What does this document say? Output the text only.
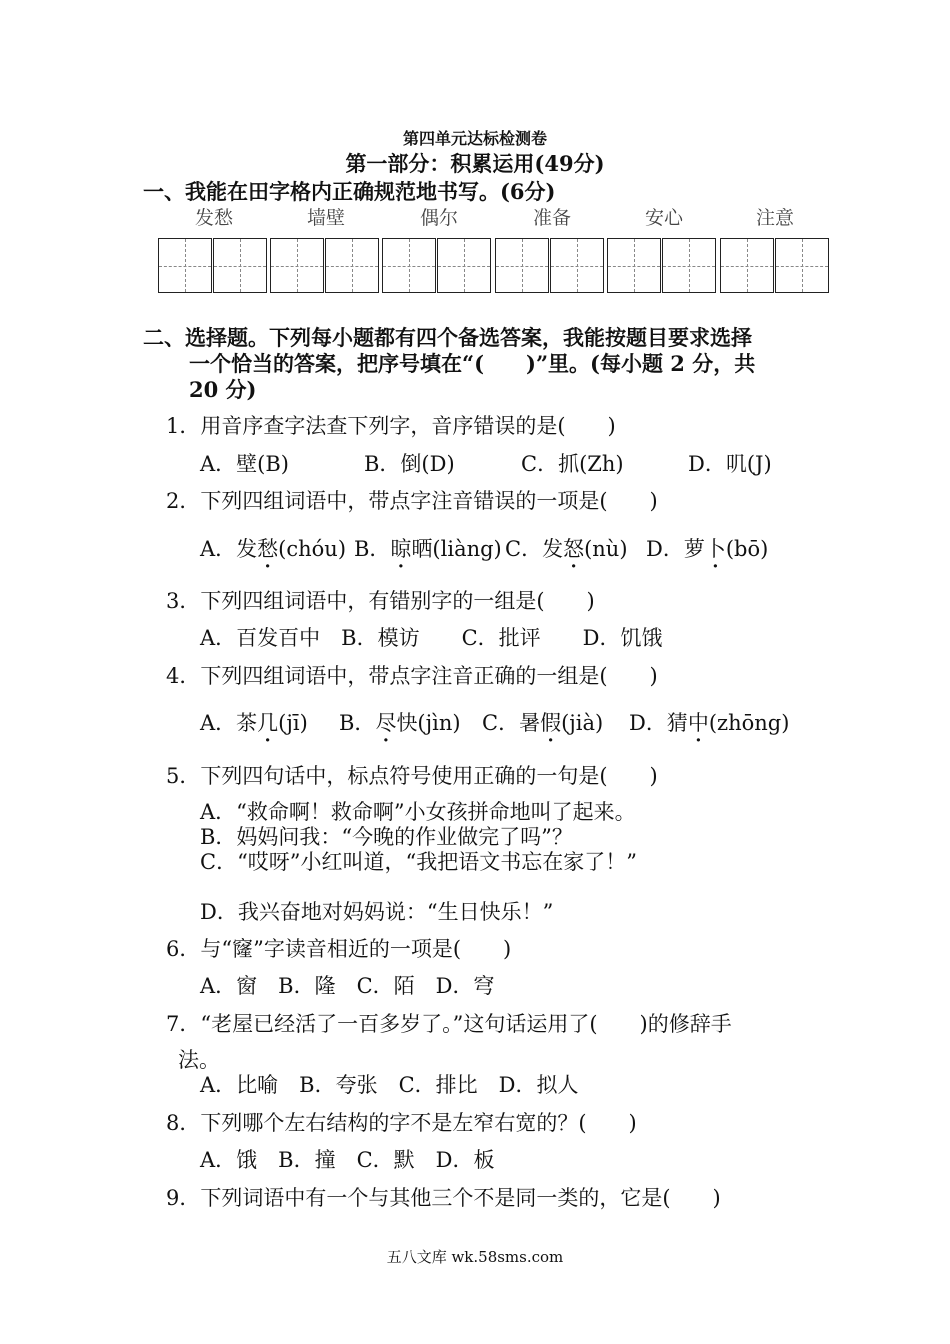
第四单元达标检测卷
第一部分：积累运用(49分)
一、我能在田字格内正确规范地书写。(6分)
发愁	墙壁	偶尔	准备	安心	注意
二、选择题。下列每小题都有四个备选答案，我能按题目要求选择
一个恰当的答案，把序号填在“(　　)”里。(每小题 2 分，共
20 分)
1．用音序查字法查下列字，音序错误的是(　　)
A．壁(B)	B．倒(D)	C．抓(Zh)	D．叽(J)
2．下列四组词语中，带点字注音错误的一项是(　　)
A．发愁(chóu) B．晾晒(liàng) C．发怒(nù) D．萝卜(bō)
3．下列四组词语中，有错别字的一组是(　　)
A．百发百中　B．模访　　C．批评　　D．饥饿
4．下列四组词语中，带点字注音正确的一组是(　　)
A．茶几(jī) B．尽快(jìn) C．暑假(jià) D．猜中(zhōng)
5．下列四句话中，标点符号使用正确的一句是(　　)
A．“救命啊！救命啊”小女孩拼命地叫了起来。
B．妈妈问我：“今晚的作业做完了吗”？
C．“哎呀”小红叫道，“我把语文书忘在家了！”
D．我兴奋地对妈妈说：“生日快乐！”
6．与“窿”字读音相近的一项是(　　)
A．窗　B．隆　C．陌　D．穹
7．“老屋已经活了一百多岁了。”这句话运用了(　　)的修辞手
法。
A．比喻　B．夸张　C．排比　D．拟人
8．下列哪个左右结构的字不是左窄右宽的？(　　)
A．饿　B．撞　C．默　D．板
9．下列词语中有一个与其他三个不是同一类的，它是(　　)
五八文库 wk.58sms.com
